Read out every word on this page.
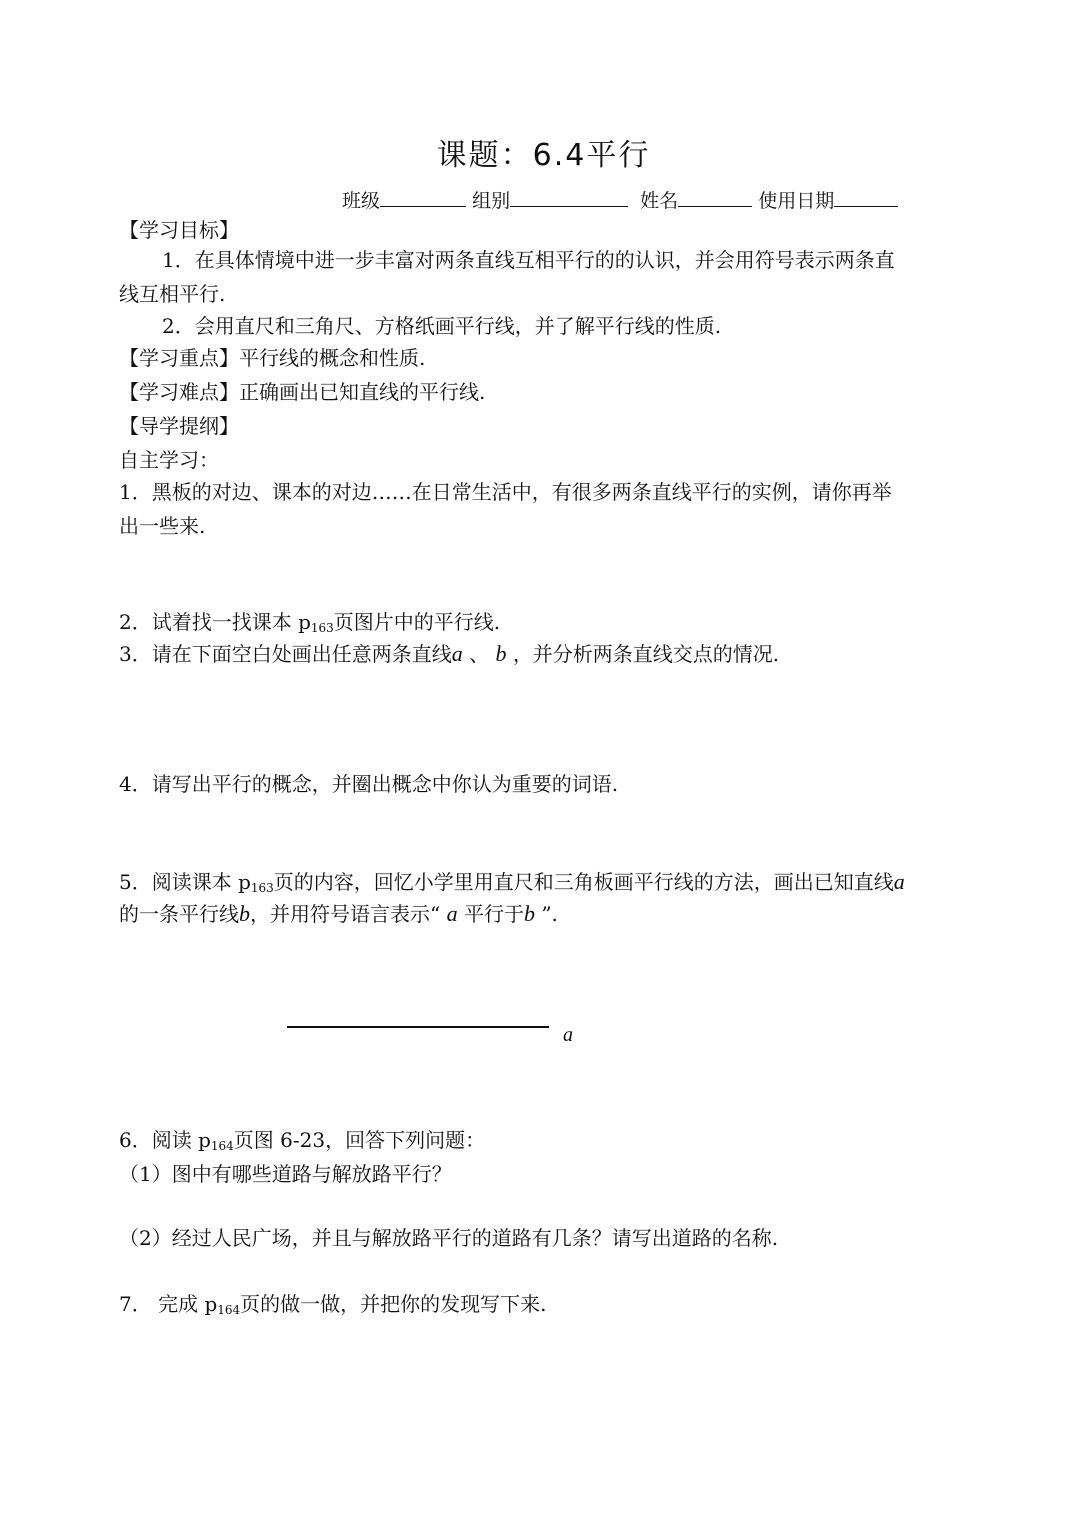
课题：6.4平行
班级	组别	姓名	使用日期
【学习目标】
1．在具体情境中进一步丰富对两条直线互相平行的的认识，并会用符号表示两条直
线互相平行.
2．会用直尺和三角尺、方格纸画平行线，并了解平行线的性质.
【学习重点】平行线的概念和性质.
【学习难点】正确画出已知直线的平行线.
【导学提纲】
自主学习：
1．黑板的对边、课本的对边……在日常生活中，有很多两条直线平行的实例，请你再举
出一些来.
2．试着找一找课本 $p_{163}$页图片中的平行线.
3．请在下面空白处画出任意两条直线a 、 b ，并分析两条直线交点的情况.
4．请写出平行的概念，并圈出概念中你认为重要的词语.
5．阅读课本 $p_{163}$页的内容，回忆小学里用直尺和三角板画平行线的方法，画出已知直线a
的一条平行线b，并用符号语言表示“ a 平行于b ”.
a
6．阅读 $p_{164}$页图 6-23，回答下列问题：
（1）图中有哪些道路与解放路平行？
（2）经过人民广场，并且与解放路平行的道路有几条？请写出道路的名称.
7． 完成 $p_{164}$页的做一做，并把你的发现写下来.
